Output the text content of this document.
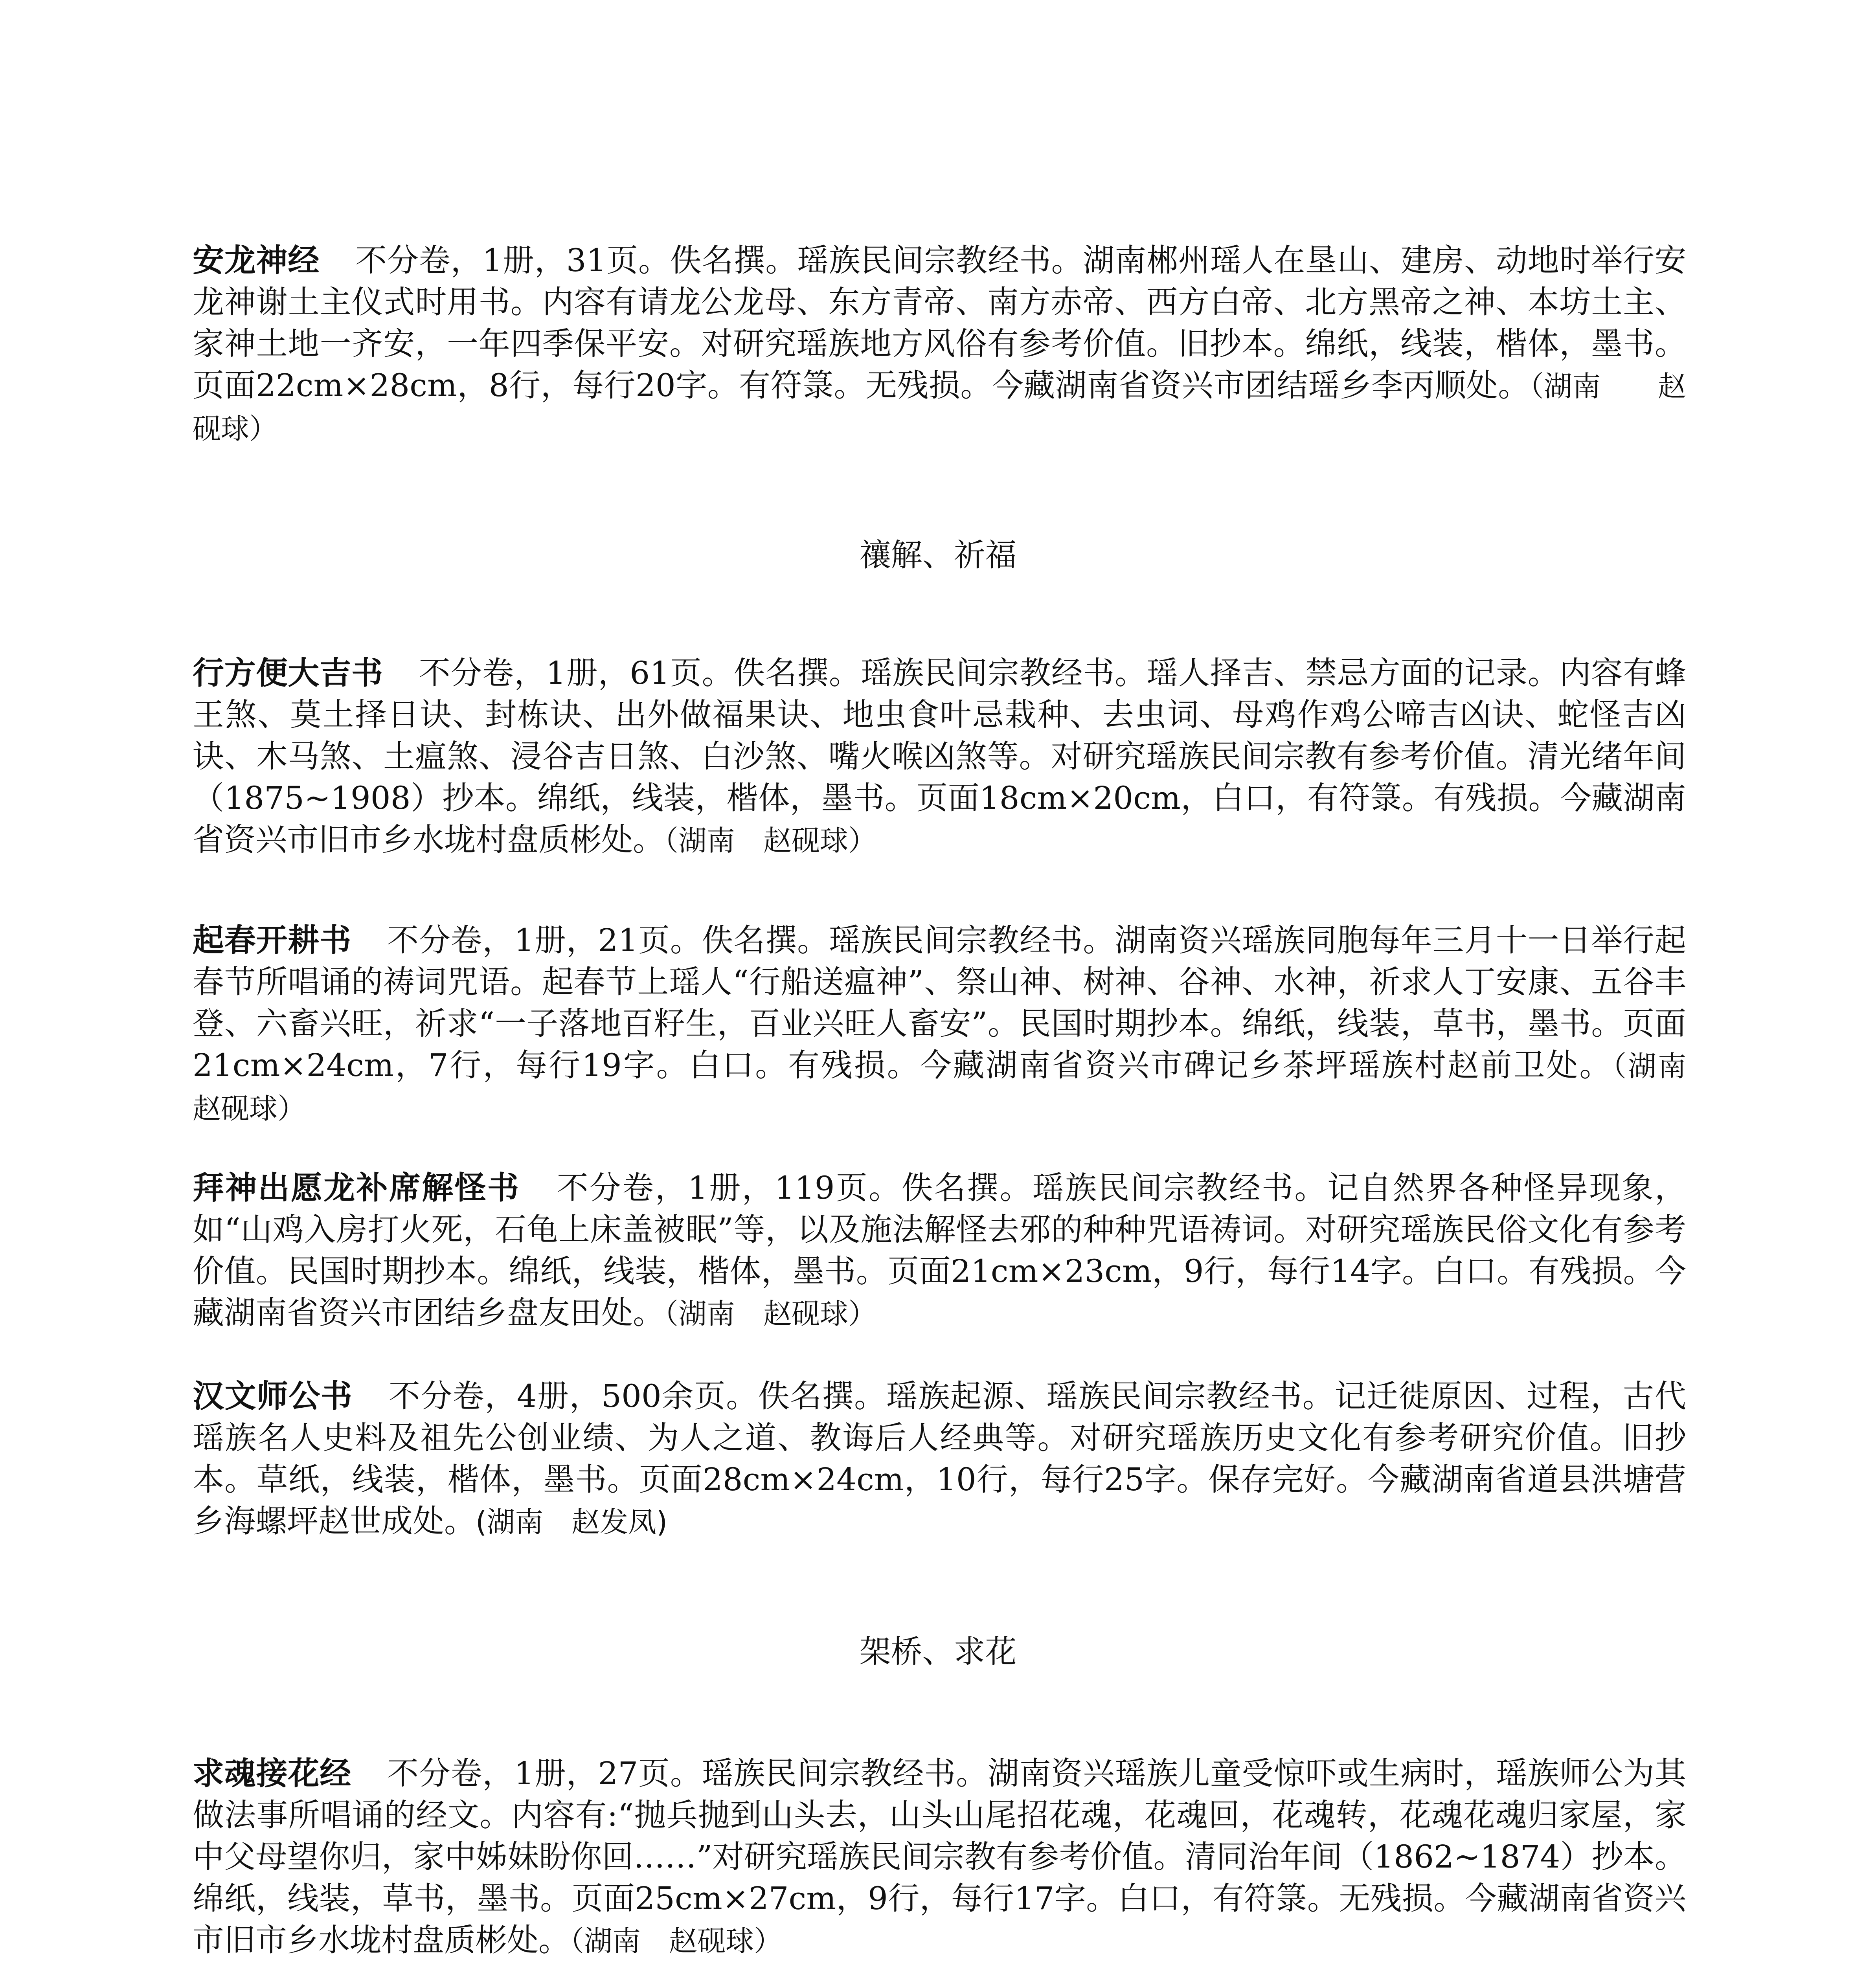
安龙神经 不分卷，1册，31页。佚名撰。瑶族民间宗教经书。湖南郴州瑶人在垦山、建房、动地时举行安龙神谢土主仪式时用书。内容有请龙公龙母、东方青帝、南方赤帝、西方白帝、北方黑帝之神、本坊土主、家神土地一齐安，一年四季保平安。对研究瑶族地方风俗有参考价值。旧抄本。绵纸，线装，楷体，墨书。页面22cm×28cm，8行，每行20字。有符箓。无残损。今藏湖南省资兴市团结瑶乡李丙顺处。（湖南　　赵砚球）

禳解、祈福

行方便大吉书 不分卷，1册，61页。佚名撰。瑶族民间宗教经书。瑶人择吉、禁忌方面的记录。内容有蜂王煞、莫土择日诀、封栋诀、出外做福果诀、地虫食叶忌栽种、去虫词、母鸡作鸡公啼吉凶诀、蛇怪吉凶诀、木马煞、土瘟煞、浸谷吉日煞、白沙煞、嘴火喉凶煞等。对研究瑶族民间宗教有参考价值。清光绪年间（1875~1908）抄本。绵纸，线装，楷体，墨书。页面18cm×20cm，白口，有符箓。有残损。今藏湖南省资兴市旧市乡水垅村盘质彬处。（湖南　赵砚球）

起春开耕书 不分卷，1册，21页。佚名撰。瑶族民间宗教经书。湖南资兴瑶族同胞每年三月十一日举行起春节所唱诵的祷词咒语。起春节上瑶人“行船送瘟神”、祭山神、树神、谷神、水神，祈求人丁安康、五谷丰登、六畜兴旺，祈求“一子落地百籽生，百业兴旺人畜安”。民国时期抄本。绵纸，线装，草书，墨书。页面21cm×24cm，7行，每行19字。白口。有残损。今藏湖南省资兴市碑记乡茶坪瑶族村赵前卫处。（湖南　　赵砚球）

拜神出愿龙补席解怪书 不分卷，1册，119页。佚名撰。瑶族民间宗教经书。记自然界各种怪异现象，如“山鸡入房打火死，石龟上床盖被眠”等，以及施法解怪去邪的种种咒语祷词。对研究瑶族民俗文化有参考价值。民国时期抄本。绵纸，线装，楷体，墨书。页面21cm×23cm，9行，每行14字。白口。有残损。今藏湖南省资兴市团结乡盘友田处。（湖南　赵砚球）

汉文师公书 不分卷，4册，500余页。佚名撰。瑶族起源、瑶族民间宗教经书。记迁徙原因、过程，古代瑶族名人史料及祖先公创业绩、为人之道、教诲后人经典等。对研究瑶族历史文化有参考研究价值。旧抄本。草纸，线装，楷体，墨书。页面28cm×24cm，10行，每行25字。保存完好。今藏湖南省道县洪塘营乡海螺坪赵世成处。(湖南　赵发凤)

架桥、求花

求魂接花经 不分卷，1册，27页。瑶族民间宗教经书。湖南资兴瑶族儿童受惊吓或生病时，瑶族师公为其做法事所唱诵的经文。内容有:“抛兵抛到山头去，山头山尾招花魂，花魂回，花魂转，花魂花魂归家屋，家中父母望你归，家中姊妹盼你回……”对研究瑶族民间宗教有参考价值。清同治年间（1862~1874）抄本。绵纸，线装，草书，墨书。页面25cm×27cm，9行，每行17字。白口，有符箓。无残损。今藏湖南省资兴市旧市乡水垅村盘质彬处。（湖南　赵砚球）
